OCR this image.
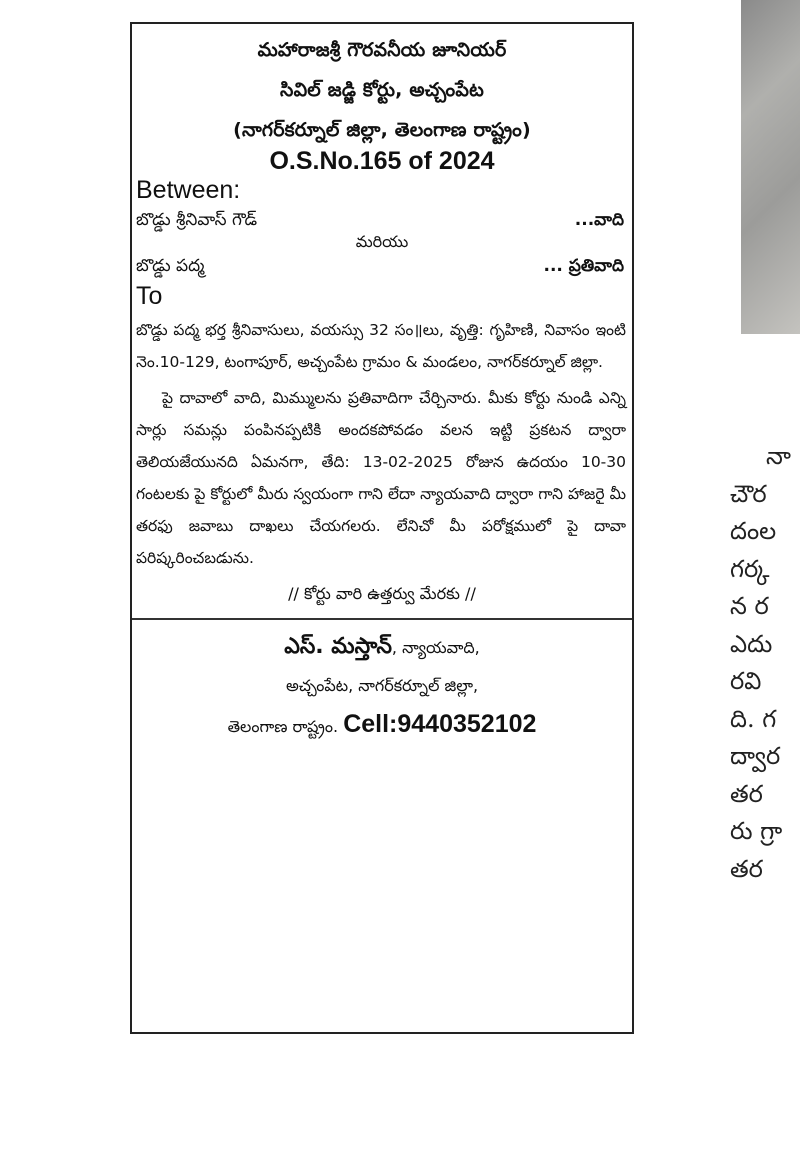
మహారాజశ్రీ గౌరవనీయ జూనియర్
సివిల్ జడ్జి కోర్టు, అచ్చంపేట
(నాగర్‌కర్నూల్ జిల్లా, తెలంగాణ రాష్ట్రం)
O.S.No.165 of 2024
Between:
బొడ్డు శ్రీనివాస్ గౌడ్	...వాది
మరియు
బొడ్డు పద్మ	... ప్రతివాది
To
బొడ్డు పద్మ భర్త శ్రీనివాసులు, వయస్సు 32 సం॥లు, వృత్తి: గృహిణి, నివాసం ఇంటి నెం.10-129, టంగాపూర్, అచ్చంపేట గ్రామం & మండలం, నాగర్‌కర్నూల్ జిల్లా.
పై దావాలో వాది, మిమ్ములను ప్రతివాదిగా చేర్చినారు. మీకు కోర్టు నుండి ఎన్ని సార్లు సమన్లు పంపినప్పటికి అందకపోవడం వలన ఇట్టి ప్రకటన ద్వారా తెలియజేయునది ఏమనగా, తేది: 13-02-2025 రోజున ఉదయం 10-30 గంటలకు పై కోర్టులో మీరు స్వయంగా గాని లేదా న్యాయవాది ద్వారా గాని హాజరై మీ తరఫు జవాబు దాఖలు చేయగలరు. లేనిచో మీ పరోక్షములో పై దావా పరిష్కరించబడును.
// కోర్టు వారి ఉత్తర్వు మేరకు //
ఎస్. మస్తాన్, న్యాయవాది,
అచ్చంపేట, నాగర్‌కర్నూల్ జిల్లా,
తెలంగాణ రాష్ట్రం. Cell:9440352102
నా
చౌర
దంల
గర్క
న ర
ఎదు
రవి
ది. గ
ద్వార
తర
రు గ్రా
తర
